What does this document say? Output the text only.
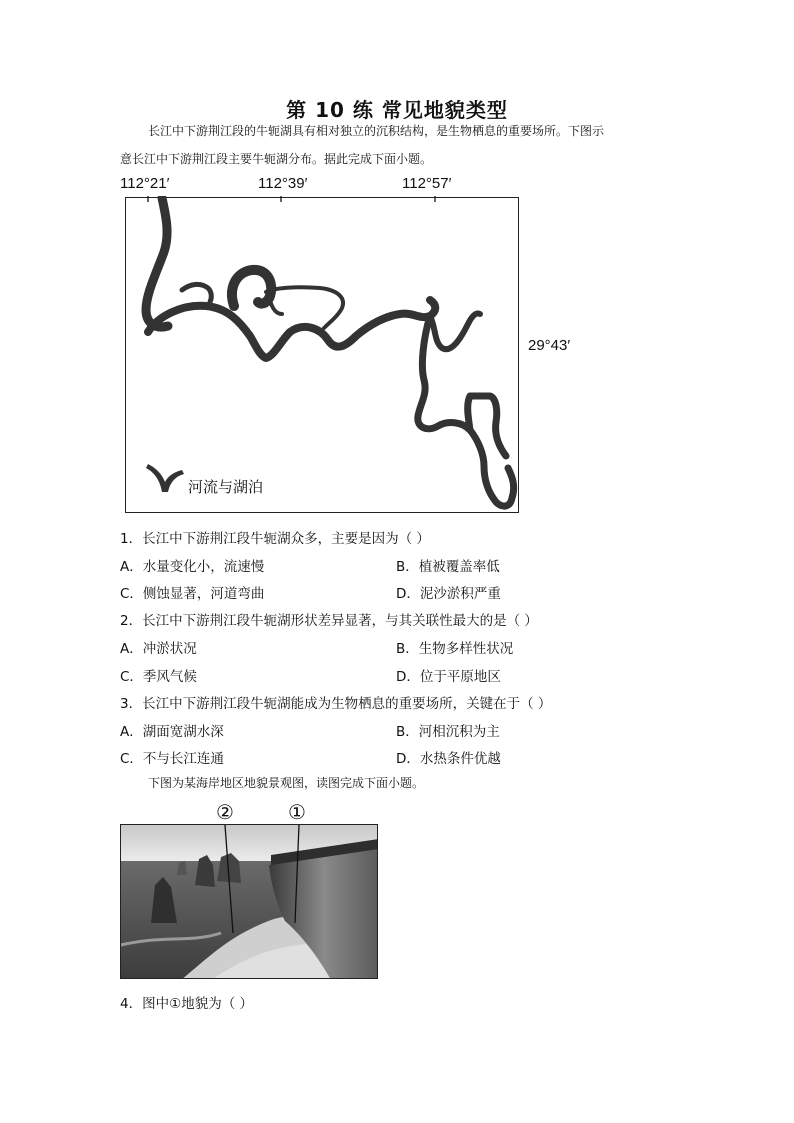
第 10 练 常见地貌类型
长江中下游荆江段的牛轭湖具有相对独立的沉积结构，是生物栖息的重要场所。下图示
意长江中下游荆江段主要牛轭湖分布。据此完成下面小题。
112°21′	112°39′	112°57′
29°43′
河流与湖泊
1．长江中下游荆江段牛轭湖众多，主要是因为（ ）
A．水量变化小，流速慢	B．植被覆盖率低
C．侧蚀显著，河道弯曲	D．泥沙淤积严重
2．长江中下游荆江段牛轭湖形状差异显著，与其关联性最大的是（ ）
A．冲淤状况	B．生物多样性状况
C．季风气候	D．位于平原地区
3．长江中下游荆江段牛轭湖能成为生物栖息的重要场所，关键在于（ ）
A．湖面宽湖水深	B．河相沉积为主
C．不与长江连通	D．水热条件优越
下图为某海岸地区地貌景观图，读图完成下面小题。
②	①
4．图中①地貌为（ ）
